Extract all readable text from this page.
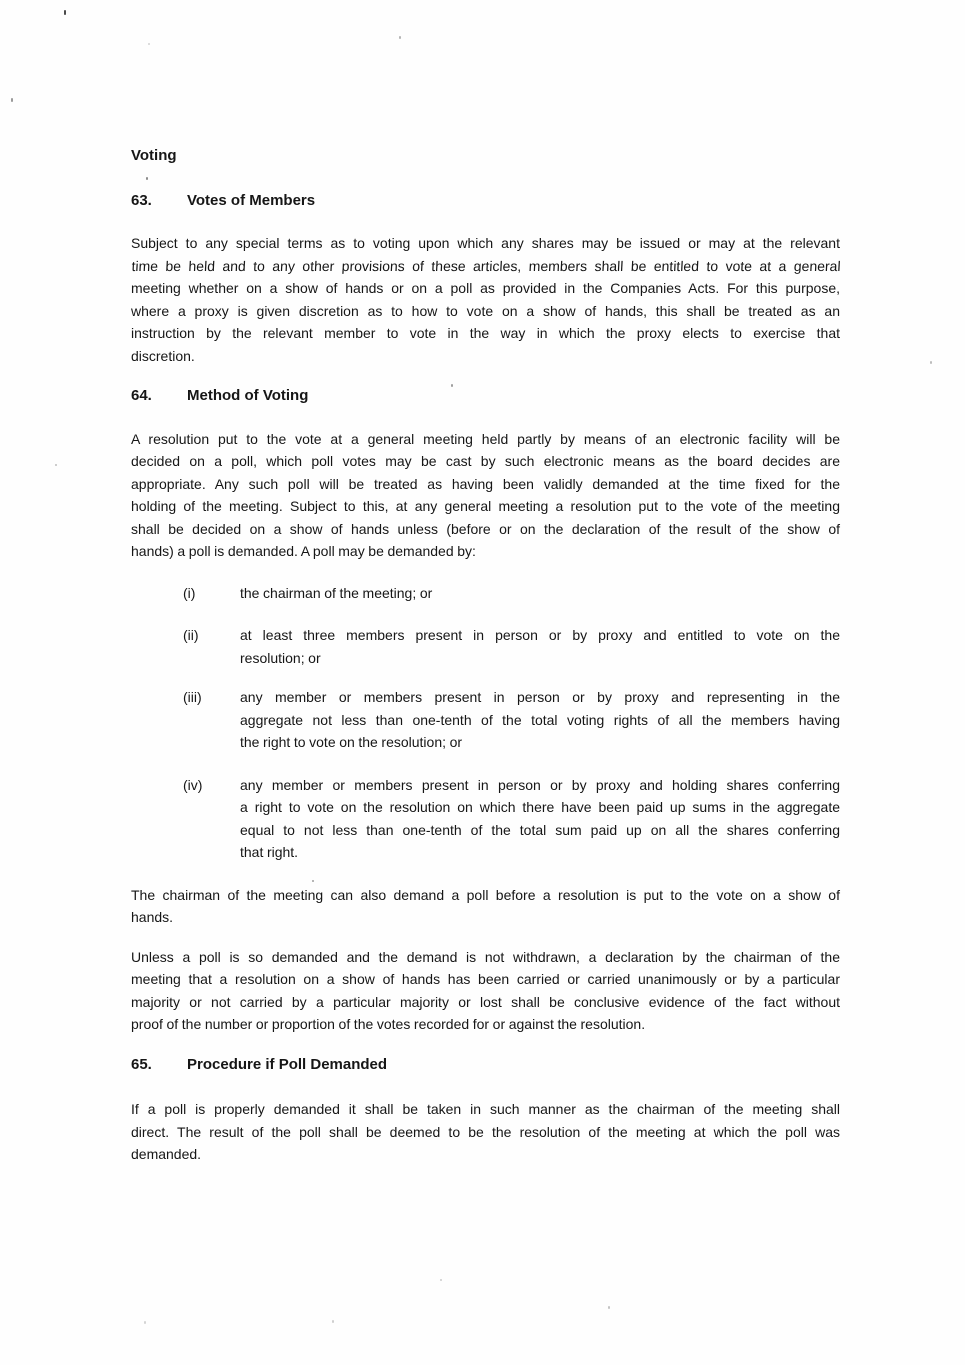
Voting
63.	Votes of Members
Subject to any special terms as to voting upon which any shares may be issued or may at the relevant
time be held and to any other provisions of these articles, members shall be entitled to vote at a general
meeting whether on a show of hands or on a poll as provided in the Companies Acts. For this purpose,
where a proxy is given discretion as to how to vote on a show of hands, this shall be treated as an
instruction by the relevant member to vote in the way in which the proxy elects to exercise that
discretion.
64.	Method of Voting
A resolution put to the vote at a general meeting held partly by means of an electronic facility will be
decided on a poll, which poll votes may be cast by such electronic means as the board decides are
appropriate. Any such poll will be treated as having been validly demanded at the time fixed for the
holding of the meeting. Subject to this, at any general meeting a resolution put to the vote of the meeting
shall be decided on a show of hands unless (before or on the declaration of the result of the show of
hands) a poll is demanded. A poll may be demanded by:
(i)	the chairman of the meeting; or
(ii)	at least three members present in person or by proxy and entitled to vote on the
resolution; or
(iii)	any member or members present in person or by proxy and representing in the
aggregate not less than one-tenth of the total voting rights of all the members having
the right to vote on the resolution; or
(iv)	any member or members present in person or by proxy and holding shares conferring
a right to vote on the resolution on which there have been paid up sums in the aggregate
equal to not less than one-tenth of the total sum paid up on all the shares conferring
that right.
The chairman of the meeting can also demand a poll before a resolution is put to the vote on a show of
hands.
Unless a poll is so demanded and the demand is not withdrawn, a declaration by the chairman of the
meeting that a resolution on a show of hands has been carried or carried unanimously or by a particular
majority or not carried by a particular majority or lost shall be conclusive evidence of the fact without
proof of the number or proportion of the votes recorded for or against the resolution.
65.	Procedure if Poll Demanded
If a poll is properly demanded it shall be taken in such manner as the chairman of the meeting shall
direct. The result of the poll shall be deemed to be the resolution of the meeting at which the poll was
demanded.
